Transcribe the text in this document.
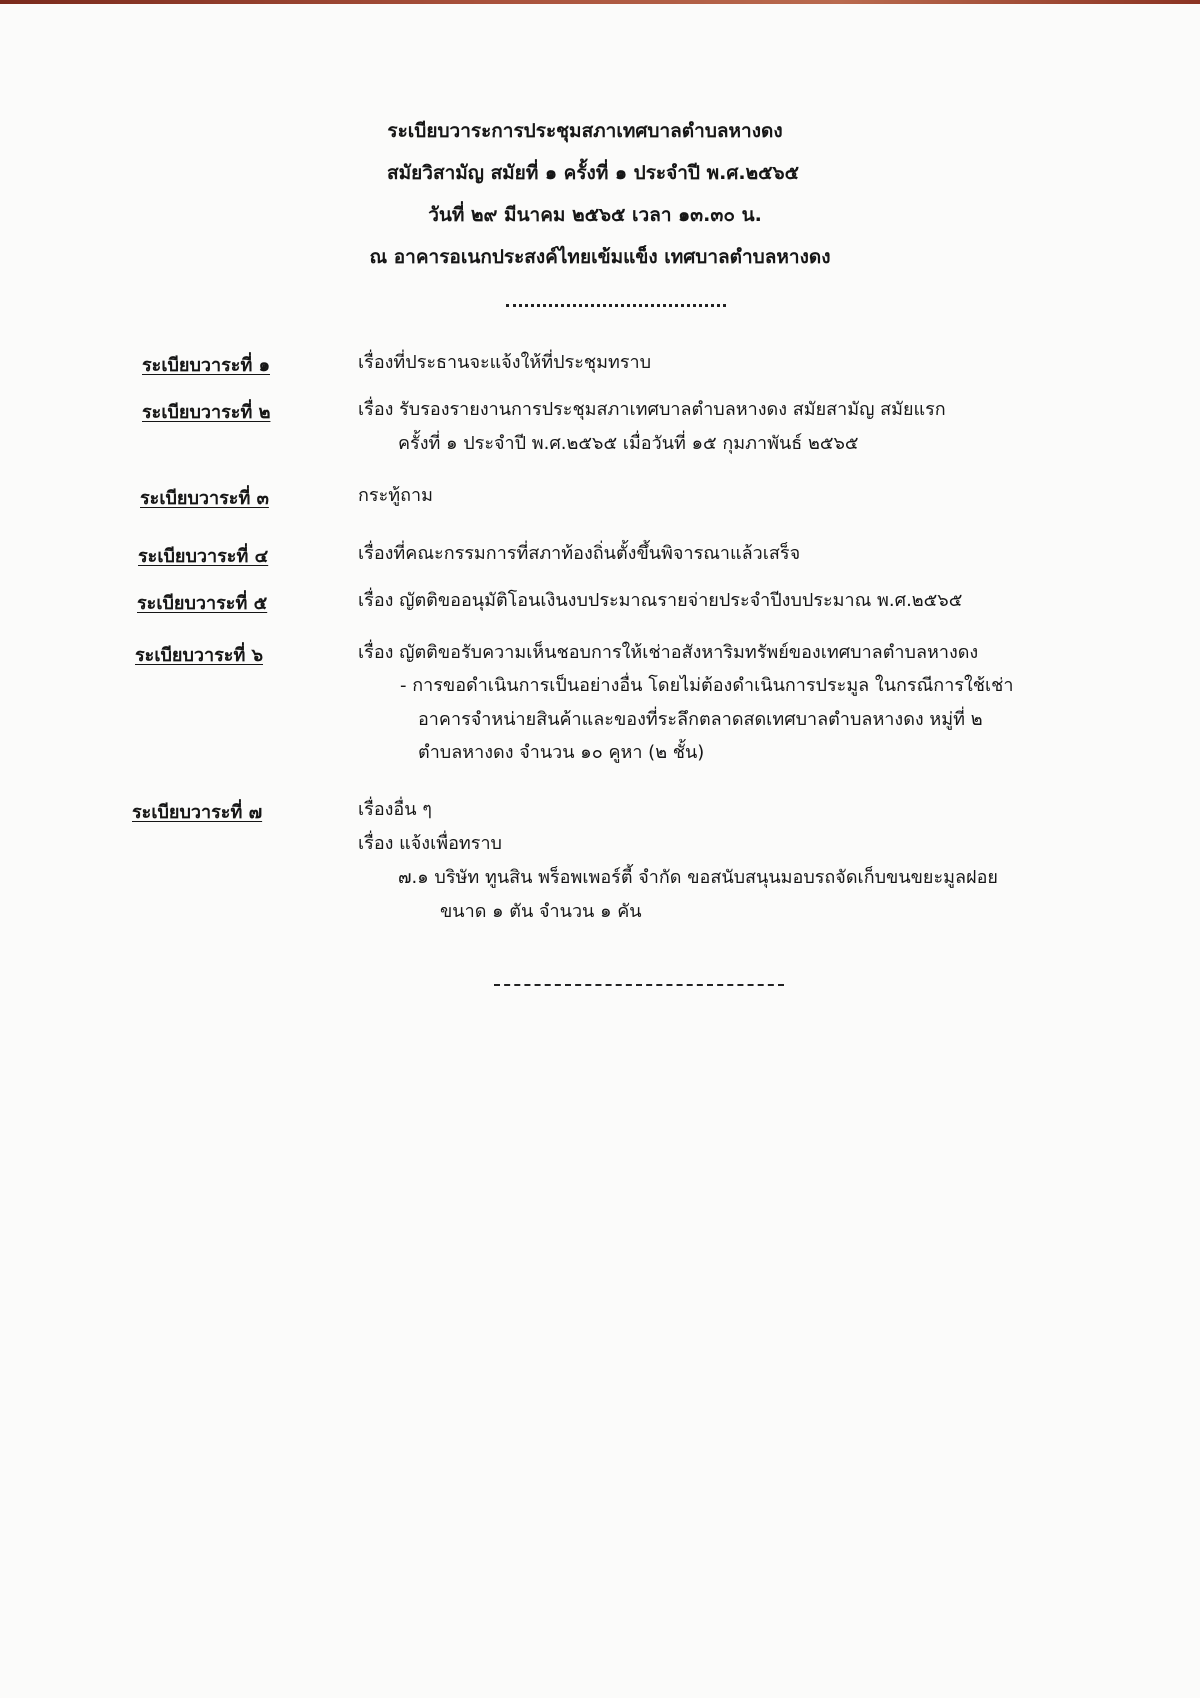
ระเบียบวาระการประชุมสภาเทศบาลตำบลหางดง
สมัยวิสามัญ สมัยที่ ๑ ครั้งที่ ๑ ประจำปี พ.ศ.๒๕๖๕
วันที่ ๒๙ มีนาคม ๒๕๖๕ เวลา ๑๓.๓๐ น.
ณ อาคารอเนกประสงค์ไทยเข้มแข็ง เทศบาลตำบลหางดง
ระเบียบวาระที่ ๑	เรื่องที่ประธานจะแจ้งให้ที่ประชุมทราบ
ระเบียบวาระที่ ๒	เรื่อง รับรองรายงานการประชุมสภาเทศบาลตำบลหางดง สมัยสามัญ สมัยแรก
ครั้งที่ ๑ ประจำปี พ.ศ.๒๕๖๕ เมื่อวันที่ ๑๕ กุมภาพันธ์ ๒๕๖๕
ระเบียบวาระที่ ๓	กระทู้ถาม
ระเบียบวาระที่ ๔	เรื่องที่คณะกรรมการที่สภาท้องถิ่นตั้งขึ้นพิจารณาแล้วเสร็จ
ระเบียบวาระที่ ๕	เรื่อง ญัตติขออนุมัติโอนเงินงบประมาณรายจ่ายประจำปีงบประมาณ พ.ศ.๒๕๖๕
ระเบียบวาระที่ ๖	เรื่อง ญัตติขอรับความเห็นชอบการให้เช่าอสังหาริมทรัพย์ของเทศบาลตำบลหางดง
- การขอดำเนินการเป็นอย่างอื่น โดยไม่ต้องดำเนินการประมูล ในกรณีการใช้เช่า
อาคารจำหน่ายสินค้าและของที่ระลึกตลาดสดเทศบาลตำบลหางดง หมู่ที่ ๒
ตำบลหางดง จำนวน ๑๐ คูหา (๒ ชั้น)
ระเบียบวาระที่ ๗	เรื่องอื่น ๆ
เรื่อง แจ้งเพื่อทราบ
๗.๑ บริษัท ทูนสิน พร็อพเพอร์ตี้ จำกัด ขอสนับสนุนมอบรถจัดเก็บขนขยะมูลฝอย
ขนาด ๑ ตัน จำนวน ๑ คัน
